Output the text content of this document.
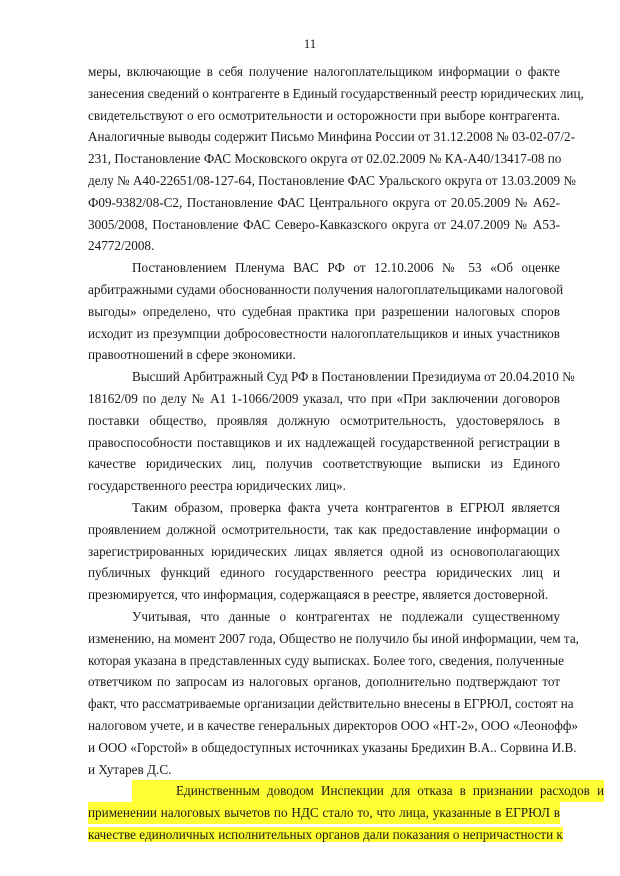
11

меры, включающие в себя получение налогоплательщиком информации о факте
занесения сведений о контрагенте в Единый государственный реестр юридических лиц,
свидетельствуют о его осмотрительности и осторожности при выборе контрагента.
Аналогичные выводы содержит Письмо Минфина России от 31.12.2008 № 03-02-07/2-
231, Постановление ФАС Московского округа от 02.02.2009 № КА-А40/13417-08 по
делу № А40-22651/08-127-64, Постановление ФАС Уральского округа от 13.03.2009 №
Ф09-9382/08-С2, Постановление ФАС Центрального округа от 20.05.2009 № А62-
3005/2008, Постановление ФАС Северо-Кавказского округа от 24.07.2009 № А53-
24772/2008.

Постановлением Пленума ВАС РФ от 12.10.2006 № 53 «Об оценке
арбитражными судами обоснованности получения налогоплательщиками налоговой
выгоды» определено, что судебная практика при разрешении налоговых споров
исходит из презумпции добросовестности налогоплательщиков и иных участников
правоотношений в сфере экономики.

Высший Арбитражный Суд РФ в Постановлении Президиума от 20.04.2010 №
18162/09 по делу № А1 1-1066/2009 указал, что при «При заключении договоров
поставки общество, проявляя должную осмотрительность, удостоверялось в
правоспособности поставщиков и их надлежащей государственной регистрации в
качестве юридических лиц, получив соответствующие выписки из Единого
государственного реестра юридических лиц».

Таким образом, проверка факта учета контрагентов в ЕГРЮЛ является
проявлением должной осмотрительности, так как предоставление информации о
зарегистрированных юридических лицах является одной из основополагающих
публичных функций единого государственного реестра юридических лиц и
презюмируется, что информация, содержащаяся в реестре, является достоверной.

Учитывая, что данные о контрагентах не подлежали существенному
изменению, на момент 2007 года, Общество не получило бы иной информации, чем та,
которая указана в представленных суду выписках. Более того, сведения, полученные
ответчиком по запросам из налоговых органов, дополнительно подтверждают тот
факт, что рассматриваемые организации действительно внесены в ЕГРЮЛ, состоят на
налоговом учете, и в качестве генеральных директоров ООО «НТ-2», ООО «Леонофф»
и ООО «Горстой» в общедоступных источниках указаны Бредихин В.А.. Сорвина И.В.
и Хутарев Д.С.

Единственным доводом Инспекции для отказа в признании расходов и
применении налоговых вычетов по НДС стало то, что лица, указанные в ЕГРЮЛ в
качестве единоличных исполнительных органов дали показания о непричастности к
